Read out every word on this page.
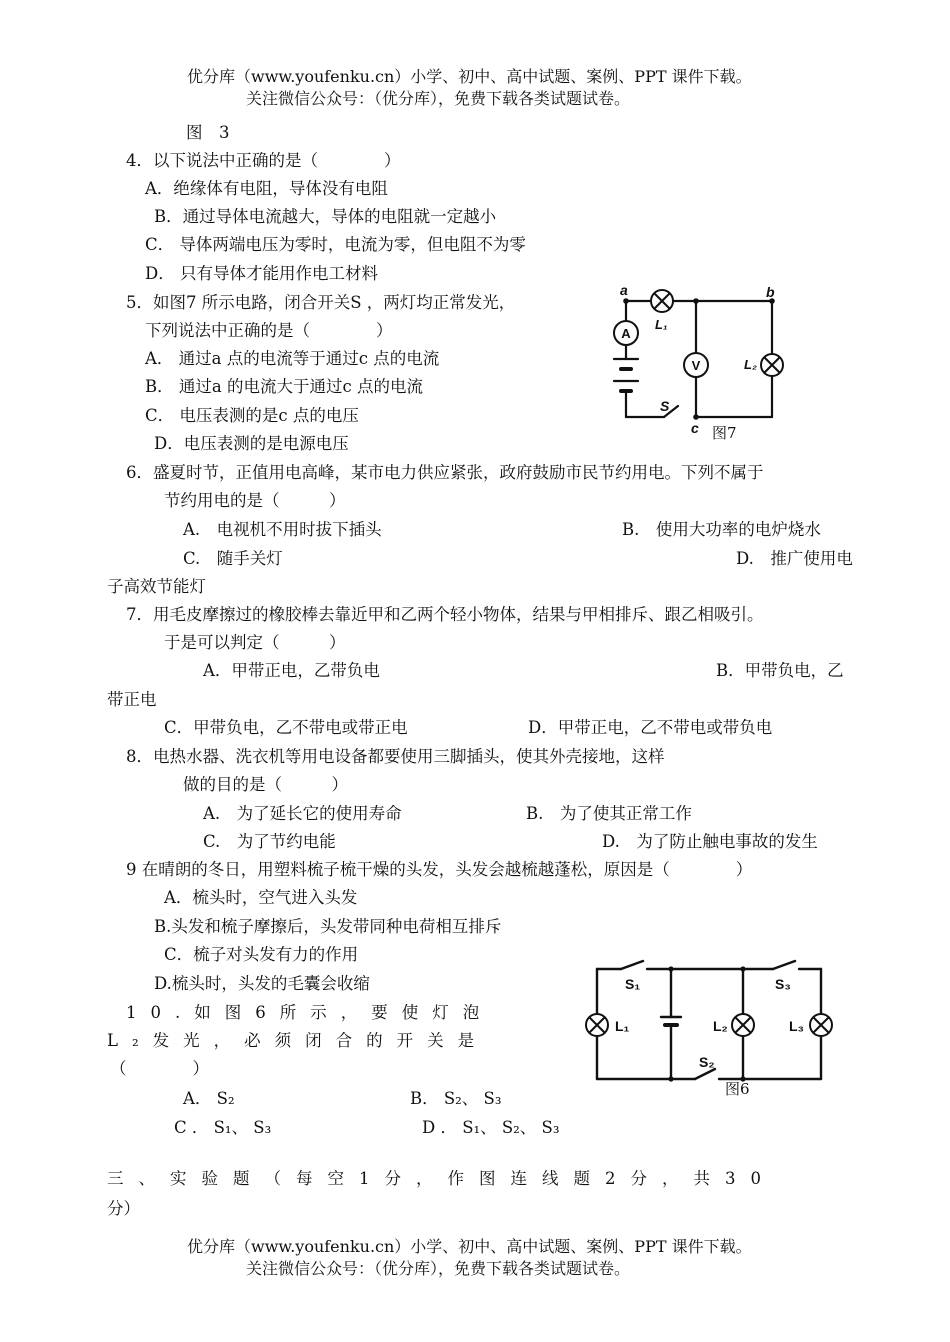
优分库（www.youfenku.cn）小学、初中、高中试题、案例、PPT 课件下载。
关注微信公众号：（优分库），免费下载各类试题试卷。
图　3
4．以下说法中正确的是（　　　　）
A．绝缘体有电阻，导体没有电阻
B．通过导体电流越大，导体的电阻就一定越小
C． 导体两端电压为零时，电流为零，但电阻不为零
D． 只有导体才能用作电工材料
5．如图7 所示电路，闭合开关S ，两灯均正常发光，
下列说法中正确的是（　　　　）
A． 通过a 点的电流等于通过c 点的电流
B． 通过a 的电流大于通过c 点的电流
C． 电压表测的是c 点的电压
D．电压表测的是电源电压
A
V
a	b
c
S
L₁
L₂
图7
6．盛夏时节，正值用电高峰，某市电力供应紧张，政府鼓励市民节约用电。下列不属于
节约用电的是（　　　）
A.　电视机不用时拔下插头	B.　使用大功率的电炉烧水
C.　随手关灯	D.　推广使用电
子高效节能灯
7．用毛皮摩擦过的橡胶棒去靠近甲和乙两个轻小物体，结果与甲相排斥、跟乙相吸引。
于是可以判定（　　　）
A．甲带正电，乙带负电	B．甲带负电，乙
带正电
C．甲带负电，乙不带电或带正电	D．甲带正电，乙不带电或带负电
8．电热水器、洗衣机等用电设备都要使用三脚插头，使其外壳接地，这样
做的目的是（　　　）
A.　为了延长它的使用寿命	B.　为了使其正常工作
C.　为了节约电能	D.　为了防止触电事故的发生
9 在晴朗的冬日，用塑料梳子梳干燥的头发，头发会越梳越蓬松，原因是（　　　　）
A．梳头时，空气进入头发
B.头发和梳子摩擦后，头发带同种电荷相互排斥
C．梳子对头发有力的作用
D.梳头时，头发的毛囊会收缩
10.如图6所示，要使灯泡
L₂发光，必须闭合的开关是
（　　　　）
A． S₂	B． S₂、 S₃
C ． S₁、 S₃	D ． S₁、 S₂、 S₃
S₁	S₃
S₂
L₁	L₂	L₃
图6
三、实验题（每空1分，作图连线题2分，共30
分）
优分库（www.youfenku.cn）小学、初中、高中试题、案例、PPT 课件下载。
关注微信公众号：（优分库），免费下载各类试题试卷。
